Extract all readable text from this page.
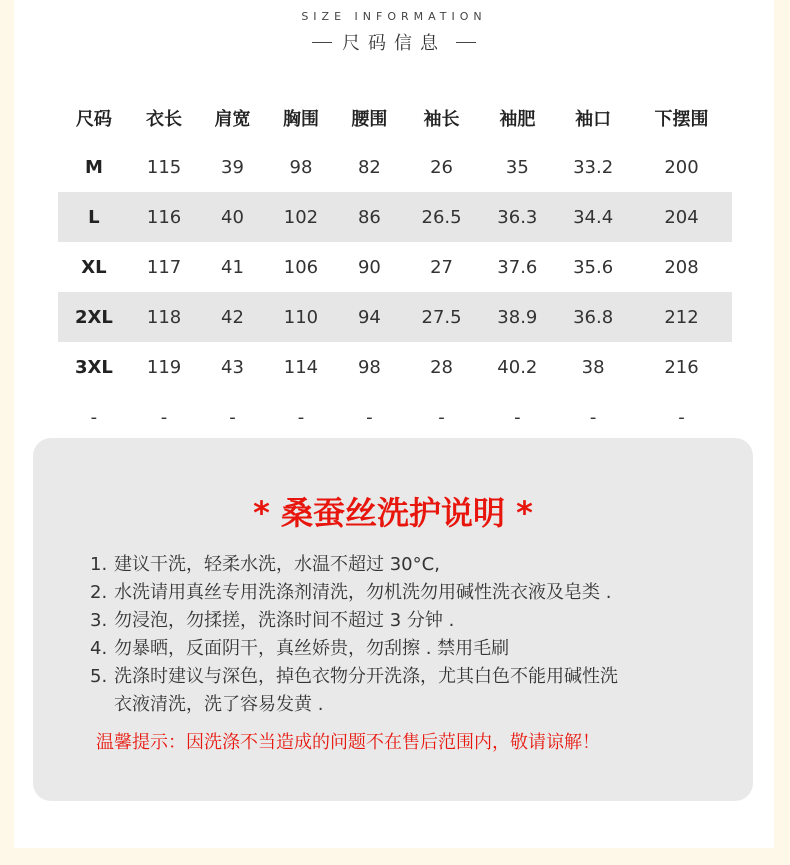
SIZE INFORMATION
尺码信息
尺码	衣长	肩宽	胸围	腰围	袖长	袖肥	袖口	下摆围
M	115	39	98	82	26	35	33.2	200
L	116	40	102	86	26.5	36.3	34.4	204
XL	117	41	106	90	27	37.6	35.6	208
2XL	118	42	110	94	27.5	38.9	36.8	212
3XL	119	43	114	98	28	40.2	38	216
-	-	-	-	-	-	-	-	-
* 桑蚕丝洗护说明 *
1. 建议干洗，轻柔水洗，水温不超过 30°C,
2. 水洗请用真丝专用洗涤剂清洗，勿机洗勿用碱性洗衣液及皂类 .
3. 勿浸泡，勿揉搓，洗涤时间不超过 3 分钟 .
4. 勿暴晒，反面阴干，真丝娇贵，勿刮擦 . 禁用毛刷
5. 洗涤时建议与深色，掉色衣物分开洗涤，尤其白色不能用碱性洗
衣液清洗，洗了容易发黄 .
温馨提示：因洗涤不当造成的问题不在售后范围内，敬请谅解！
